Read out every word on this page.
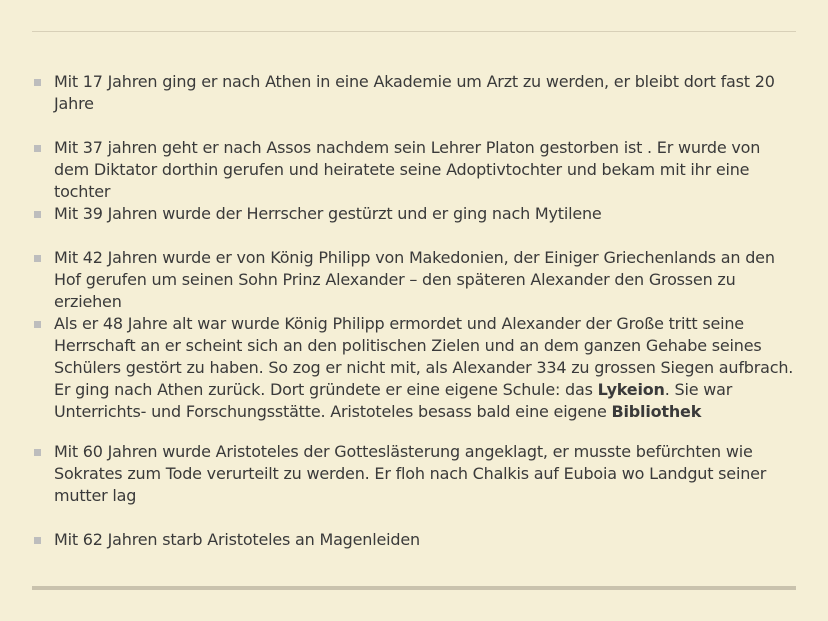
Mit 17 Jahren ging er nach Athen in eine Akademie um Arzt zu werden, er bleibt dort fast 20 Jahre
Mit 37 jahren geht er nach Assos nachdem sein Lehrer Platon gestorben ist . Er wurde von dem Diktator dorthin gerufen und heiratete seine Adoptivtochter und bekam mit ihr eine tochter
Mit 39 Jahren wurde der Herrscher gestürzt und er ging nach Mytilene
Mit 42 Jahren wurde er von König Philipp von Makedonien, der Einiger Griechenlands an den Hof gerufen um seinen Sohn Prinz Alexander – den späteren Alexander den Grossen zu erziehen
Als er 48 Jahre alt war wurde König Philipp ermordet und Alexander der Große tritt seine Herrschaft an er scheint sich an den politischen Zielen und an dem ganzen Gehabe seines Schülers gestört zu haben. So zog er nicht mit, als Alexander 334 zu grossen Siegen aufbrach. Er ging nach Athen zurück. Dort gründete er eine eigene Schule: das Lykeion. Sie war Unterrichts- und Forschungsstätte. Aristoteles besass bald eine eigene Bibliothek
Mit 60 Jahren wurde Aristoteles der Gotteslästerung angeklagt, er musste befürchten wie Sokrates zum Tode verurteilt zu werden. Er floh nach Chalkis auf Euboia wo Landgut seiner mutter lag
Mit 62 Jahren starb Aristoteles an Magenleiden
